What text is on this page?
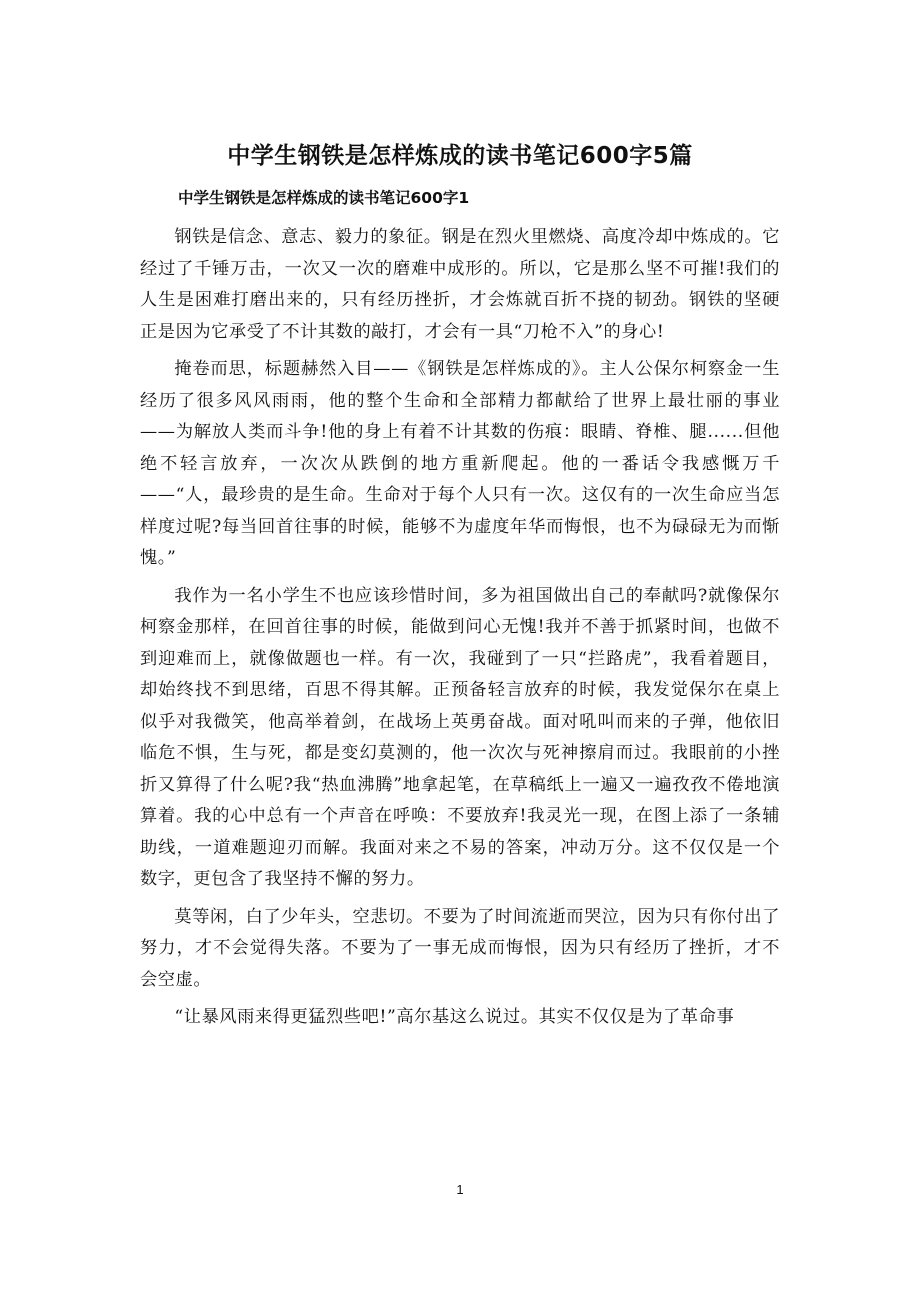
中学生钢铁是怎样炼成的读书笔记600字5篇
中学生钢铁是怎样炼成的读书笔记600字1

钢铁是信念、意志、毅力的象征。钢是在烈火里燃烧、高度冷却中炼成的。它经过了千锤万击，一次又一次的磨难中成形的。所以，它是那么坚不可摧!我们的人生是困难打磨出来的，只有经历挫折，才会炼就百折不挠的韧劲。钢铁的坚硬正是因为它承受了不计其数的敲打，才会有一具“刀枪不入”的身心!

掩卷而思，标题赫然入目——《钢铁是怎样炼成的》。主人公保尔柯察金一生经历了很多风风雨雨，他的整个生命和全部精力都献给了世界上最壮丽的事业——为解放人类而斗争!他的身上有着不计其数的伤痕：眼睛、脊椎、腿......但他绝不轻言放弃，一次次从跌倒的地方重新爬起。他的一番话令我感慨万千——“人，最珍贵的是生命。生命对于每个人只有一次。这仅有的一次生命应当怎样度过呢?每当回首往事的时候，能够不为虚度年华而悔恨，也不为碌碌无为而惭愧。”

我作为一名小学生不也应该珍惜时间，多为祖国做出自己的奉献吗?就像保尔柯察金那样，在回首往事的时候，能做到问心无愧!我并不善于抓紧时间，也做不到迎难而上，就像做题也一样。有一次，我碰到了一只“拦路虎”，我看着题目，却始终找不到思绪，百思不得其解。正预备轻言放弃的时候，我发觉保尔在桌上似乎对我微笑，他高举着剑，在战场上英勇奋战。面对吼叫而来的子弹，他依旧临危不惧，生与死，都是变幻莫测的，他一次次与死神擦肩而过。我眼前的小挫折又算得了什么呢?我“热血沸腾”地拿起笔，在草稿纸上一遍又一遍孜孜不倦地演算着。我的心中总有一个声音在呼唤：不要放弃!我灵光一现，在图上添了一条辅助线，一道难题迎刃而解。我面对来之不易的答案，冲动万分。这不仅仅是一个数字，更包含了我坚持不懈的努力。

莫等闲，白了少年头，空悲切。不要为了时间流逝而哭泣，因为只有你付出了努力，才不会觉得失落。不要为了一事无成而悔恨，因为只有经历了挫折，才不会空虚。

“让暴风雨来得更猛烈些吧!”高尔基这么说过。其实不仅仅是为了革命事

1
